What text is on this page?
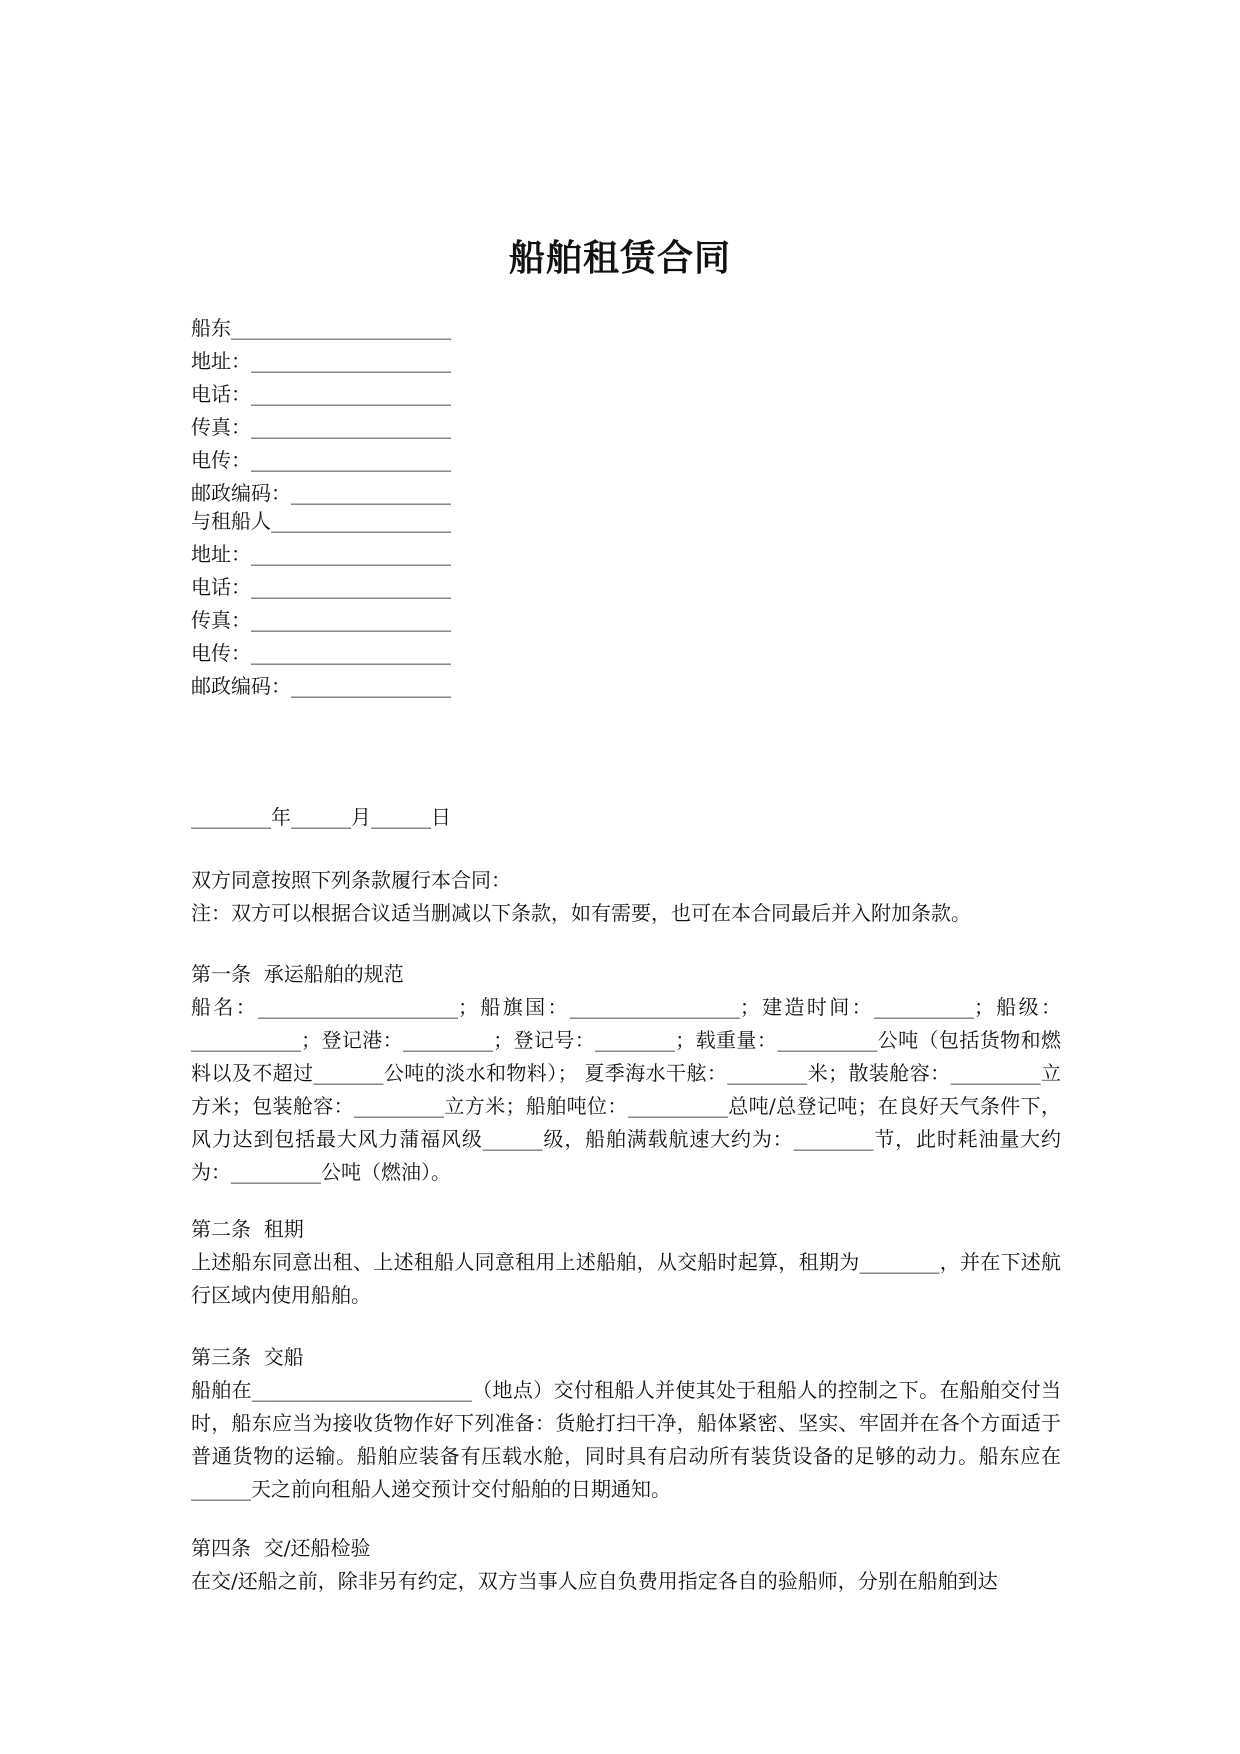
船舶租赁合同

船东______________________

地址：____________________

电话：____________________

传真：____________________

电传：____________________

邮政编码：________________

与租船人__________________

地址：____________________

电话：____________________

传真：____________________

电传：____________________

邮政编码：________________

________年______月______日

双方同意按照下列条款履行本合同：

注：双方可以根据合议适当删减以下条款，如有需要，也可在本合同最后并入附加条款。

第一条  承运船舶的规范

船名：____________________；船旗国：_________________；建造时间：__________；船级：___________；登记港：_________；登记号：________；载重量：__________公吨（包括货物和燃料以及不超过_______公吨的淡水和物料）； 夏季海水干舷：________米；散装舱容：_________立方米；包装舱容：_________立方米；船舶吨位：__________总吨/总登记吨；在良好天气条件下，风力达到包括最大风力蒲福风级______级，船舶满载航速大约为：________节，此时耗油量大约为：_________公吨（燃油）。

第二条  租期

上述船东同意出租、上述租船人同意租用上述船舶，从交船时起算，租期为________，并在下述航行区域内使用船舶。

第三条  交船

船舶在______________________（地点）交付租船人并使其处于租船人的控制之下。在船舶交付当时，船东应当为接收货物作好下列准备：货舱打扫干净，船体紧密、坚实、牢固并在各个方面适于普通货物的运输。船舶应装备有压载水舱，同时具有启动所有装货设备的足够的动力。船东应在______天之前向租船人递交预计交付船舶的日期通知。

第四条  交/还船检验

在交/还船之前，除非另有约定，双方当事人应自负费用指定各自的验船师，分别在船舶到达
